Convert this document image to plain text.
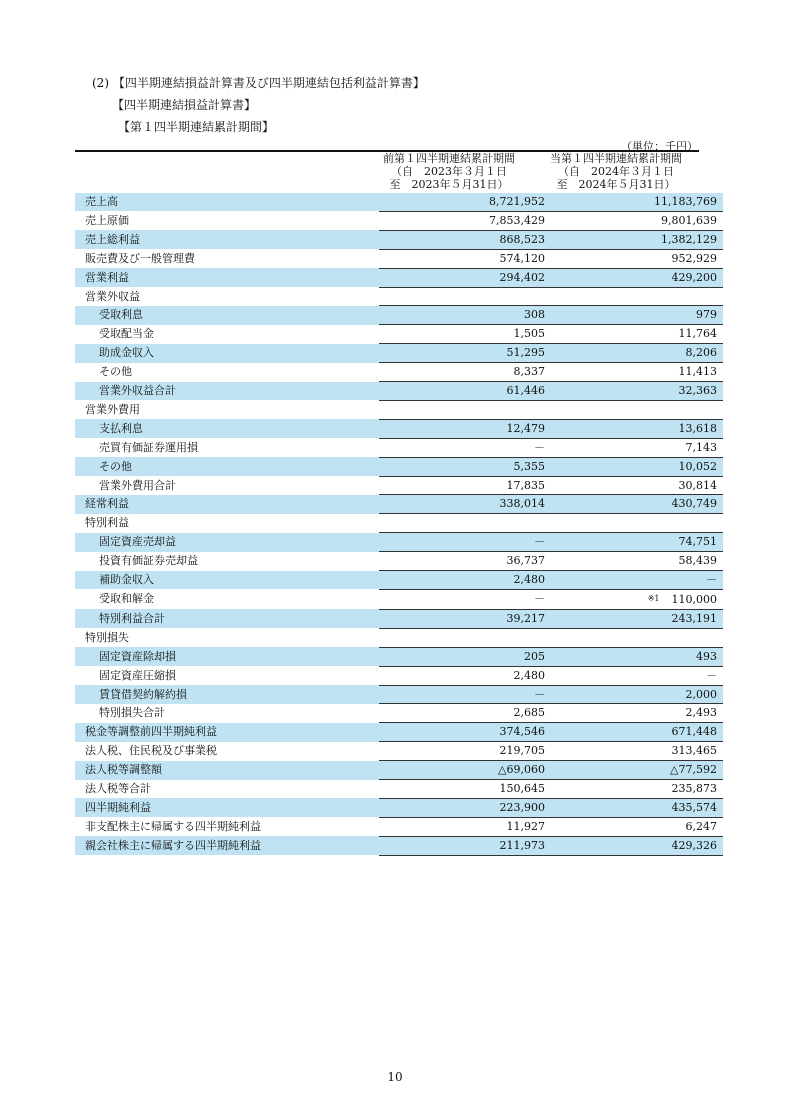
(2) 【四半期連結損益計算書及び四半期連結包括利益計算書】
【四半期連結損益計算書】
【第１四半期連結累計期間】
（単位：千円）
前第１四半期連結累計期間
（自　2023年３月１日
至　2023年５月31日）
当第１四半期連結累計期間
（自　2024年３月１日
至　2024年５月31日）
売上高	8,721,952	11,183,769
売上原価	7,853,429	9,801,639
売上総利益	868,523	1,382,129
販売費及び一般管理費	574,120	952,929
営業利益	294,402	429,200
営業外収益		
受取利息	308	979
受取配当金	1,505	11,764
助成金収入	51,295	8,206
その他	8,337	11,413
営業外収益合計	61,446	32,363
営業外費用		
支払利息	12,479	13,618
売買有価証券運用損	－	7,143
その他	5,355	10,052
営業外費用合計	17,835	30,814
経常利益	338,014	430,749
特別利益		
固定資産売却益	－	74,751
投資有価証券売却益	36,737	58,439
補助金収入	2,480	－
受取和解金	－	※1 110,000
特別利益合計	39,217	243,191
特別損失		
固定資産除却損	205	493
固定資産圧縮損	2,480	－
賃貸借契約解約損	－	2,000
特別損失合計	2,685	2,493
税金等調整前四半期純利益	374,546	671,448
法人税、住民税及び事業税	219,705	313,465
法人税等調整額	△69,060	△77,592
法人税等合計	150,645	235,873
四半期純利益	223,900	435,574
非支配株主に帰属する四半期純利益	11,927	6,247
親会社株主に帰属する四半期純利益	211,973	429,326
10
